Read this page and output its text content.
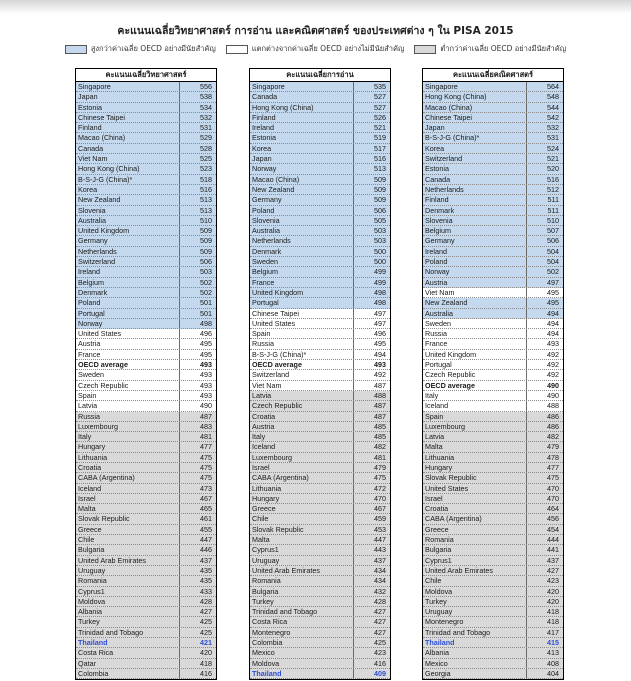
คะแนนเฉลี่ยวิทยาศาสตร์ การอ่าน และคณิตศาสตร์ ของประเทศต่าง ๆ ใน PISA 2015
สูงกว่าค่าเฉลี่ย OECD อย่างมีนัยสำคัญ	แตกต่างจากค่าเฉลี่ย OECD อย่างไม่มีนัยสำคัญ	ต่ำกว่าค่าเฉลี่ย OECD อย่างมีนัยสำคัญ
คะแนนเฉลี่ยวิทยาศาสตร์
Singapore	556
Japan	538
Estonia	534
Chinese Taipei	532
Finland	531
Macao (China)	529
Canada	528
Viet Nam	525
Hong Kong (China)	523
B-S-J-G (China)*	518
Korea	516
New Zealand	513
Slovenia	513
Australia	510
United Kingdom	509
Germany	509
Netherlands	509
Switzerland	506
Ireland	503
Belgium	502
Denmark	502
Poland	501
Portugal	501
Norway	498
United States	496
Austria	495
France	495
OECD average	493
Sweden	493
Czech Republic	493
Spain	493
Latvia	490
Russia	487
Luxembourg	483
Italy	481
Hungary	477
Lithuania	475
Croatia	475
CABA (Argentina)	475
Iceland	473
Israel	467
Malta	465
Slovak Republic	461
Greece	455
Chile	447
Bulgaria	446
United Arab Emirates	437
Uruguay	435
Romania	435
Cyprus1	433
Moldova	428
Albania	427
Turkey	425
Trinidad and Tobago	425
Thailand	421
Costa Rica	420
Qatar	418
Colombia	416
คะแนนเฉลี่ยการอ่าน
Singapore	535
Canada	527
Hong Kong (China)	527
Finland	526
Ireland	521
Estonia	519
Korea	517
Japan	516
Norway	513
Macao (China)	509
New Zealand	509
Germany	509
Poland	506
Slovenia	505
Australia	503
Netherlands	503
Denmark	500
Sweden	500
Belgium	499
France	499
United Kingdom	498
Portugal	498
Chinese Taipei	497
United States	497
Spain	496
Russia	495
B-S-J-G (China)*	494
OECD average	493
Switzerland	492
Viet Nam	487
Latvia	488
Czech Republic	487
Croatia	487
Austria	485
Italy	485
Iceland	482
Luxembourg	481
Israel	479
CABA (Argentina)	475
Lithuania	472
Hungary	470
Greece	467
Chile	459
Slovak Republic	453
Malta	447
Cyprus1	443
Uruguay	437
United Arab Emirates	434
Romania	434
Bulgaria	432
Turkey	428
Trinidad and Tobago	427
Costa Rica	427
Montenegro	427
Colombia	425
Mexico	423
Moldova	416
Thailand	409
คะแนนเฉลี่ยคณิตศาสตร์
Singapore	564
Hong Kong (China)	548
Macao (China)	544
Chinese Taipei	542
Japan	532
B-S-J-G (China)*	531
Korea	524
Switzerland	521
Estonia	520
Canada	516
Netherlands	512
Finland	511
Denmark	511
Slovenia	510
Belgium	507
Germany	506
Ireland	504
Poland	504
Norway	502
Austria	497
Viet Nam	495
New Zealand	495
Australia	494
Sweden	494
Russia	494
France	493
United Kingdom	492
Portugal	492
Czech Republic	492
OECD average	490
Italy	490
Iceland	488
Spain	486
Luxembourg	486
Latvia	482
Malta	479
Lithuania	478
Hungary	477
Slovak Republic	475
United States	470
Israel	470
Croatia	464
CABA (Argentina)	456
Greece	454
Romania	444
Bulgaria	441
Cyprus1	437
United Arab Emirates	427
Chile	423
Moldova	420
Turkey	420
Uruguay	418
Montenegro	418
Trinidad and Tobago	417
Thailand	415
Albania	413
Mexico	408
Georgia	404
